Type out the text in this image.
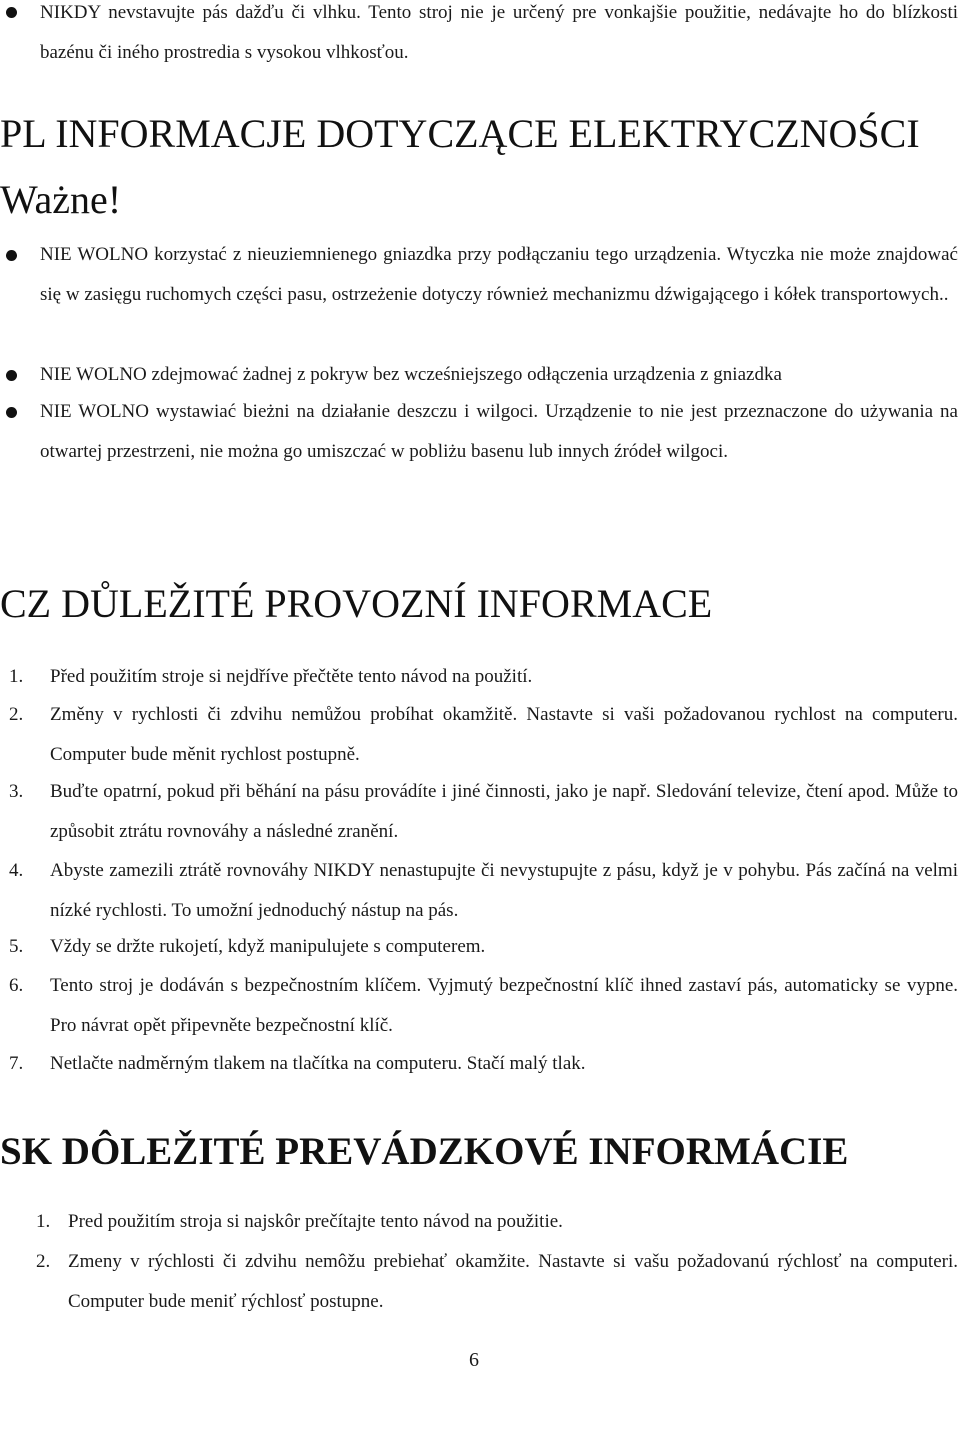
NIKDY nevstavujte pás dažďu či vlhku. Tento stroj nie je určený pre vonkajšie použitie, nedávajte ho do blízkosti bazénu či iného prostredia s vysokou vlhkosťou.
PL INFORMACJE DOTYCZĄCE ELEKTRYCZNOŚCI
Ważne!
NIE WOLNO korzystać z nieuziemnienego gniazdka przy podłączaniu tego urządzenia. Wtyczka nie może znajdować się w zasięgu ruchomych części pasu, ostrzeżenie dotyczy również mechanizmu dźwigającego i kółek transportowych..
NIE WOLNO zdejmować żadnej z pokryw bez wcześniejszego odłączenia urządzenia z gniazdka
NIE WOLNO wystawiać bieżni na działanie deszczu i wilgoci. Urządzenie to nie jest przeznaczone do używania na otwartej przestrzeni, nie można go umiszczać w pobliżu basenu lub innych źródeł wilgoci.
CZ DŮLEŽITÉ PROVOZNÍ INFORMACE
1. Před použitím stroje si nejdříve přečtěte tento návod na použití.
2. Změny v rychlosti či zdvihu nemůžou probíhat okamžitě. Nastavte si vaši požadovanou rychlost na computeru. Computer bude měnit rychlost postupně.
3. Buďte opatrní, pokud při běhání na pásu provádíte i jiné činnosti, jako je např. Sledování televize, čtení apod. Může to způsobit ztrátu rovnováhy a následné zranění.
4. Abyste zamezili ztrátě rovnováhy NIKDY nenastupujte či nevystupujte z pásu, když je v pohybu. Pás začíná na velmi nízké rychlosti. To umožní jednoduchý nástup na pás.
5. Vždy se držte rukojetí, když manipulujete s computerem.
6. Tento stroj je dodáván s bezpečnostním klíčem. Vyjmutý bezpečnostní klíč ihned zastaví pás, automaticky se vypne. Pro návrat opět připevněte bezpečnostní klíč.
7. Netlačte nadměrným tlakem na tlačítka na computeru. Stačí malý tlak.
SK DÔLEŽITÉ PREVÁDZKOVÉ INFORMÁCIE
1. Pred použitím stroja si najskôr prečítajte tento návod na použitie.
2. Zmeny v rýchlosti či zdvihu nemôžu prebiehať okamžite. Nastavte si vašu požadovanú rýchlosť na computeri. Computer bude meniť rýchlosť postupne.
6
